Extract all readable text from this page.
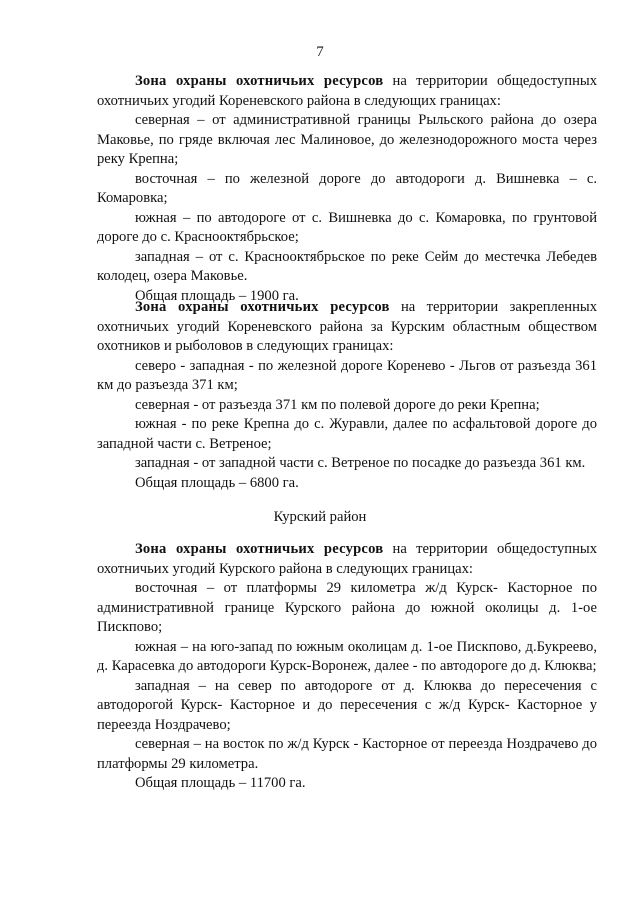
7

Зона охраны охотничьих ресурсов на территории общедоступных охотничьих угодий Кореневского района в следующих границах:

северная – от административной границы Рыльского района до озера Маковье, по гряде включая лес Малиновое, до железнодорожного моста через реку Крепна;

восточная – по железной дороге до автодороги д. Вишневка – с. Комаровка;

южная – по автодороге от с. Вишневка до с. Комаровка, по грунтовой дороге до с. Краснооктябрьское;

западная – от с. Краснооктябрьское по реке Сейм до местечка Лебедев колодец, озера Маковье.

Общая площадь – 1900 га.

Зона охраны охотничьих ресурсов на территории закрепленных охотничьих угодий Кореневского района за Курским областным обществом охотников и рыболовов в следующих границах:

северо - западная - по железной дороге Коренево - Льгов от разъезда 361 км до разъезда 371 км;

северная - от разъезда 371 км по полевой дороге до реки Крепна;

южная - по реке Крепна до с. Журавли, далее по асфальтовой дороге до западной части с. Ветреное;

западная - от западной части с. Ветреное по посадке до разъезда 361 км.

Общая площадь – 6800 га.

Курский район

Зона охраны охотничьих ресурсов на территории общедоступных охотничьих угодий Курского района в следующих границах:

восточная – от платформы 29 километра ж/д Курск- Касторное по административной границе Курского района до южной околицы д. 1-ое Пискпово;

южная – на юго-запад по южным околицам д. 1-ое Пискпово, д.Букреево, д. Карасевка до автодороги Курск-Воронеж, далее - по автодороге до д. Клюква;

западная – на север по автодороге от д. Клюква до пересечения с автодорогой Курск- Касторное и до пересечения с ж/д Курск- Касторное у переезда Ноздрачево;

северная – на восток по ж/д Курск - Касторное от переезда Ноздрачево до платформы 29 километра.

Общая площадь – 11700 га.
